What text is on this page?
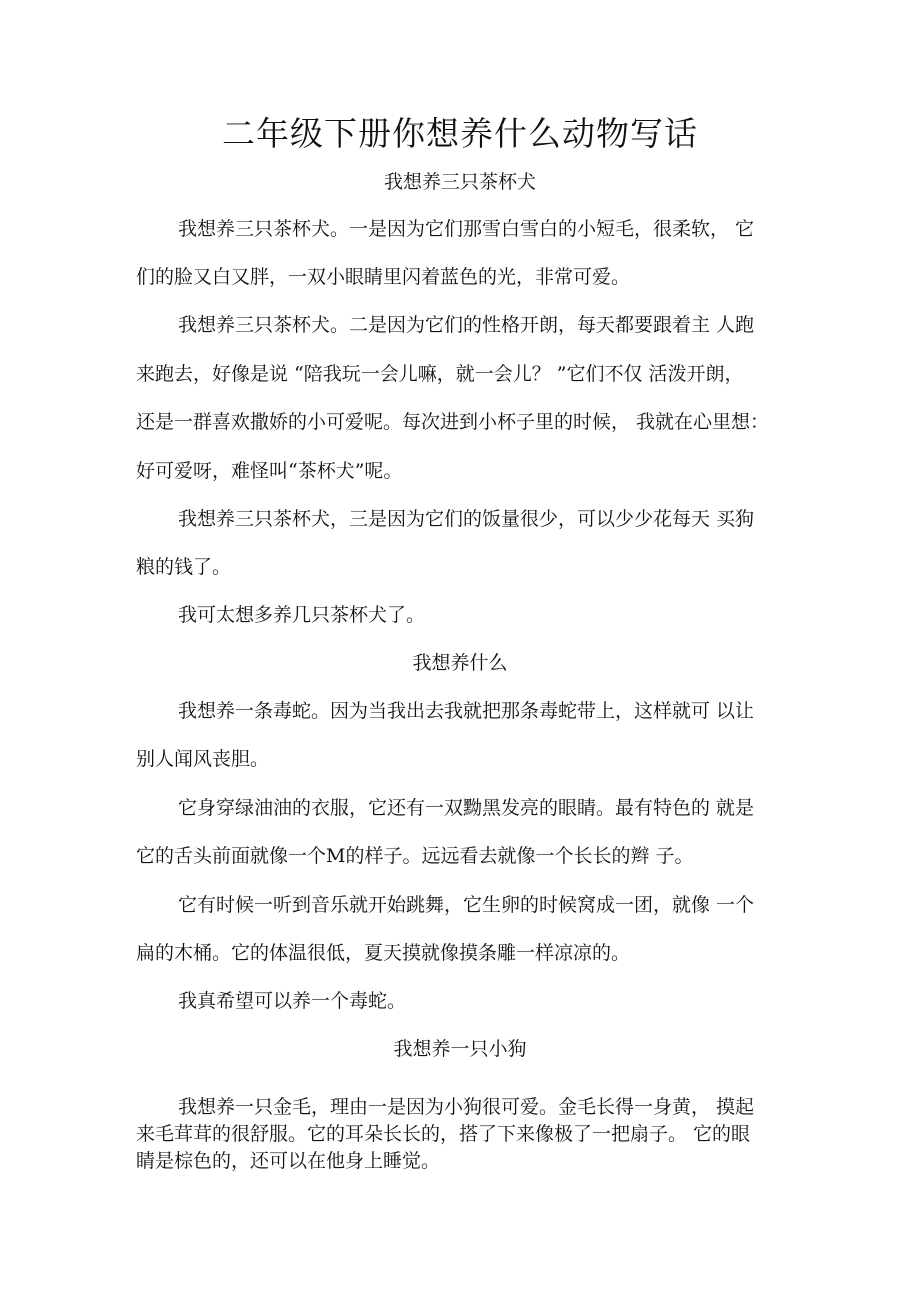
二年级下册你想养什么动物写话
我想养三只茶杯犬
我想养三只茶杯犬。一是因为它们那雪白雪白的小短毛，很柔软， 它
们的脸又白又胖，一双小眼睛里闪着蓝色的光，非常可爱。
我想养三只茶杯犬。二是因为它们的性格开朗，每天都要跟着主 人跑
来跑去，好像是说 “陪我玩一会儿嘛，就一会儿？ ”它们不仅 活泼开朗，
还是一群喜欢撒娇的小可爱呢。每次进到小杯子里的时候， 我就在心里想：
好可爱呀，难怪叫“茶杯犬”呢。
我想养三只茶杯犬，三是因为它们的饭量很少，可以少少花每天 买狗
粮的钱了。
我可太想多养几只茶杯犬了。
我想养什么
我想养一条毒蛇。因为当我出去我就把那条毒蛇带上，这样就可 以让
别人闻风丧胆。
它身穿绿油油的衣服，它还有一双黝黑发亮的眼睛。最有特色的 就是
它的舌头前面就像一个M的样子。远远看去就像一个长长的辫 子。
它有时候一听到音乐就开始跳舞，它生卵的时候窝成一团，就像 一个
扁的木桶。它的体温很低，夏天摸就像摸条雕一样凉凉的。
我真希望可以养一个毒蛇。
我想养一只小狗
我想养一只金毛，理由一是因为小狗很可爱。金毛长得一身黄， 摸起
来毛茸茸的很舒服。它的耳朵长长的，搭了下来像极了一把扇子。 它的眼
睛是棕色的，还可以在他身上睡觉。
